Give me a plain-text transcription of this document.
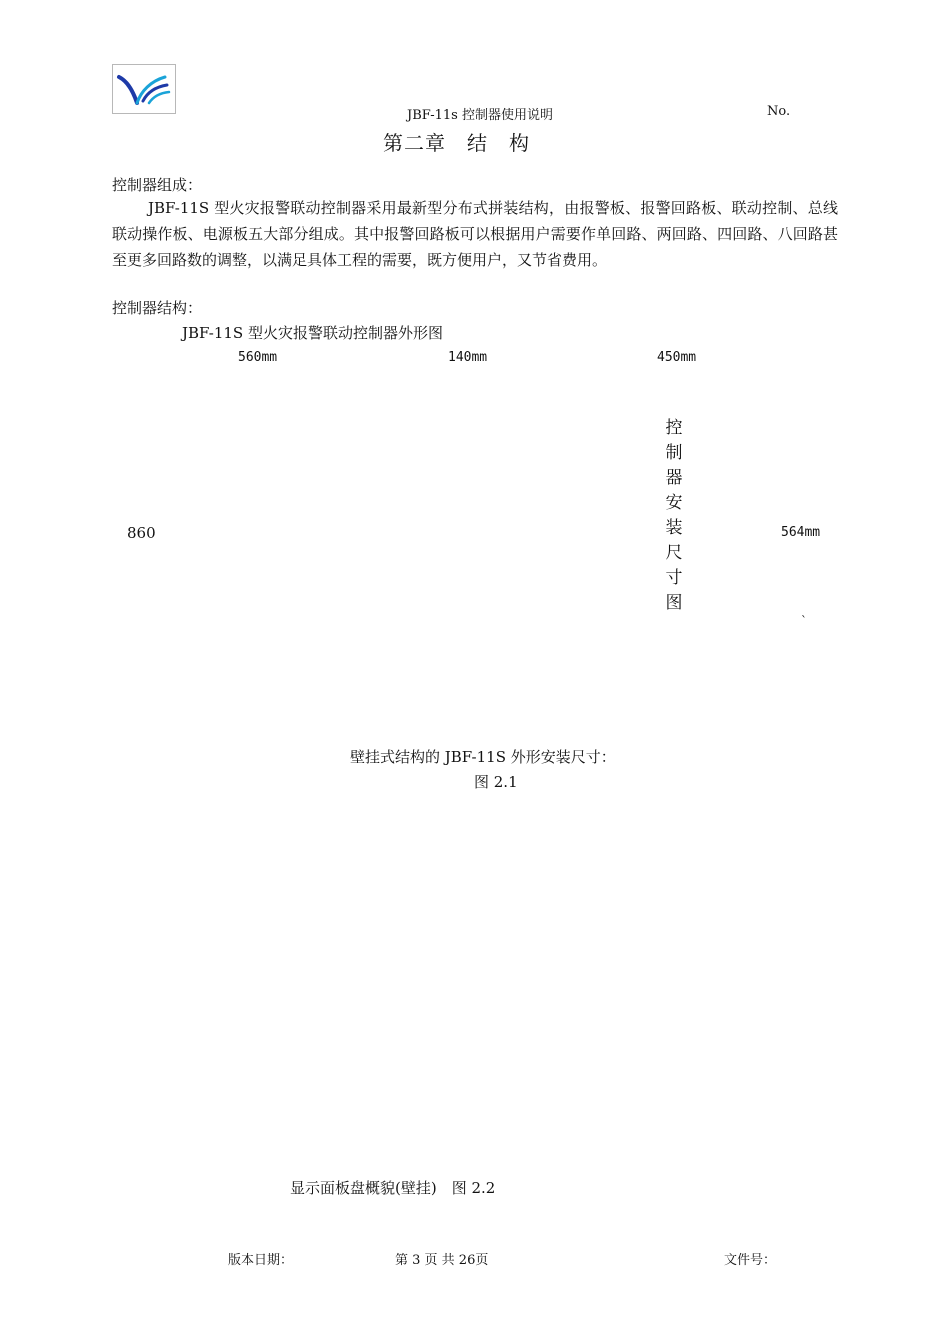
JBF-11s 控制器使用说明	No.
第二章　结　构
控制器组成：
JBF-11S 型火灾报警联动控制器采用最新型分布式拼装结构，由报警板、报警回路板、联动控制、总线联动操作板、电源板五大部分组成。其中报警回路板可以根据用户需要作单回路、两回路、四回路、八回路甚至更多回路数的调整，以满足具体工程的需要，既方便用户，又节省费用。
控制器结构：
JBF-11S 型火灾报警联动控制器外形图
560mm	140mm	450mm
860	564mm
控
制
器
安
装
尺
寸
图
`
壁挂式结构的 JBF-11S 外形安装尺寸：
图 2.1
显示面板盘概貌(壁挂)　图 2.2
版本日期：	第 3 页 共 26页	文件号：
